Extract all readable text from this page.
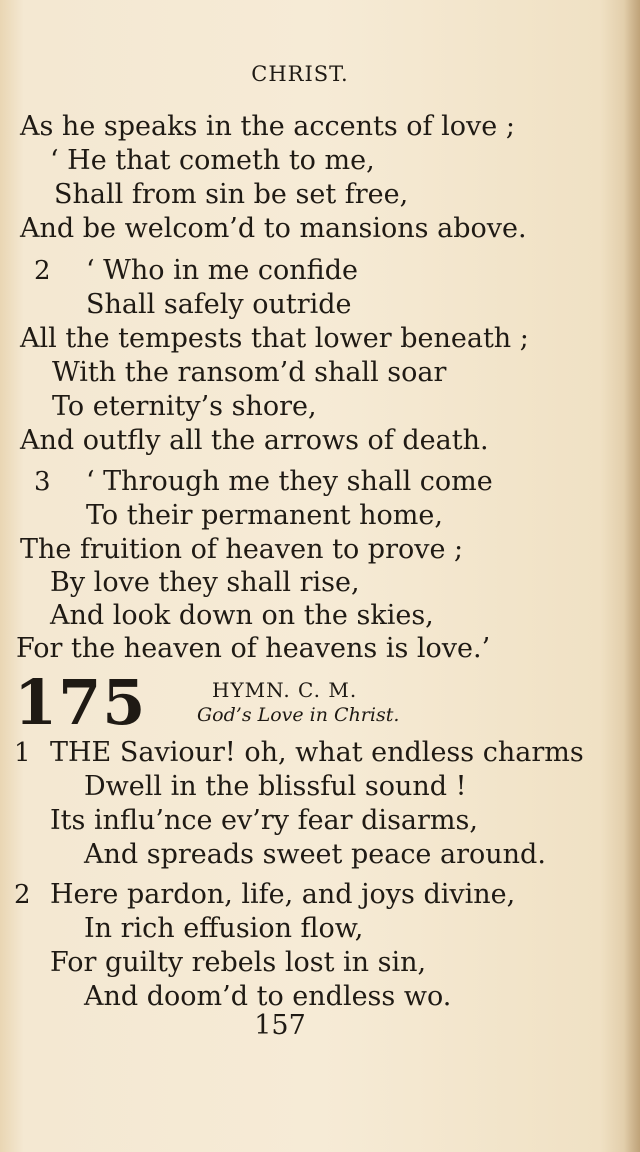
CHRIST.
As he speaks in the accents of love ;
‘ He that cometh to me,
Shall from sin be set free,
And be welcom’d to mansions above.
2 ‘ Who in me confide
Shall safely outride
All the tempests that lower beneath ;
With the ransom’d shall soar
To eternity’s shore,
And outfly all the arrows of death.
3 ‘ Through me they shall come
To their permanent home,
The fruition of heaven to prove ;
By love they shall rise,
And look down on the skies,
For the heaven of heavens is love.’
175	HYMN. C. M.
God’s Love in Christ.
1 THE Saviour! oh, what endless charms
Dwell in the blissful sound !
Its influ’nce ev’ry fear disarms,
And spreads sweet peace around.
2 Here pardon, life, and joys divine,
In rich effusion flow,
For guilty rebels lost in sin,
And doom’d to endless wo.
157
